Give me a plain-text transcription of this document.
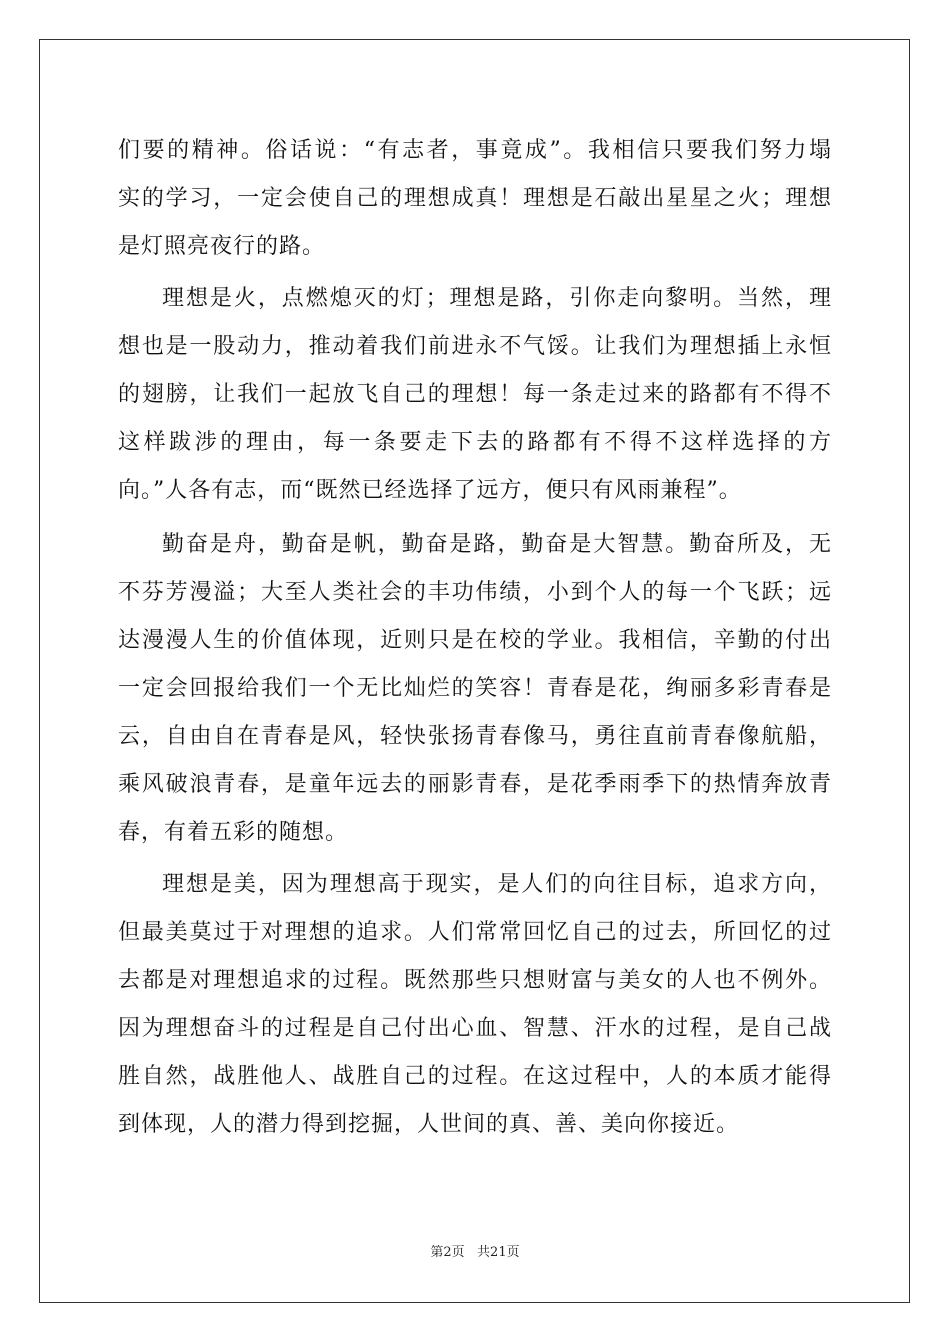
们要的精神。俗话说：“有志者，事竟成”。我相信只要我们努力塌
实的学习，一定会使自己的理想成真！理想是石敲出星星之火；理想
是灯照亮夜行的路。
理想是火，点燃熄灭的灯；理想是路，引你走向黎明。当然，理
想也是一股动力，推动着我们前进永不气馁。让我们为理想插上永恒
的翅膀，让我们一起放飞自己的理想！每一条走过来的路都有不得不
这样跋涉的理由，每一条要走下去的路都有不得不这样选择的方
向。”人各有志，而“既然已经选择了远方，便只有风雨兼程”。
勤奋是舟，勤奋是帆，勤奋是路，勤奋是大智慧。勤奋所及，无
不芬芳漫溢；大至人类社会的丰功伟绩，小到个人的每一个飞跃；远
达漫漫人生的价值体现，近则只是在校的学业。我相信，辛勤的付出
一定会回报给我们一个无比灿烂的笑容！青春是花，绚丽多彩青春是
云，自由自在青春是风，轻快张扬青春像马，勇往直前青春像航船，
乘风破浪青春，是童年远去的丽影青春，是花季雨季下的热情奔放青
春，有着五彩的随想。
理想是美，因为理想高于现实，是人们的向往目标，追求方向，
但最美莫过于对理想的追求。人们常常回忆自己的过去，所回忆的过
去都是对理想追求的过程。既然那些只想财富与美女的人也不例外。
因为理想奋斗的过程是自己付出心血、智慧、汗水的过程，是自己战
胜自然，战胜他人、战胜自己的过程。在这过程中，人的本质才能得
到体现，人的潜力得到挖掘，人世间的真、善、美向你接近。
第2页   共21页
